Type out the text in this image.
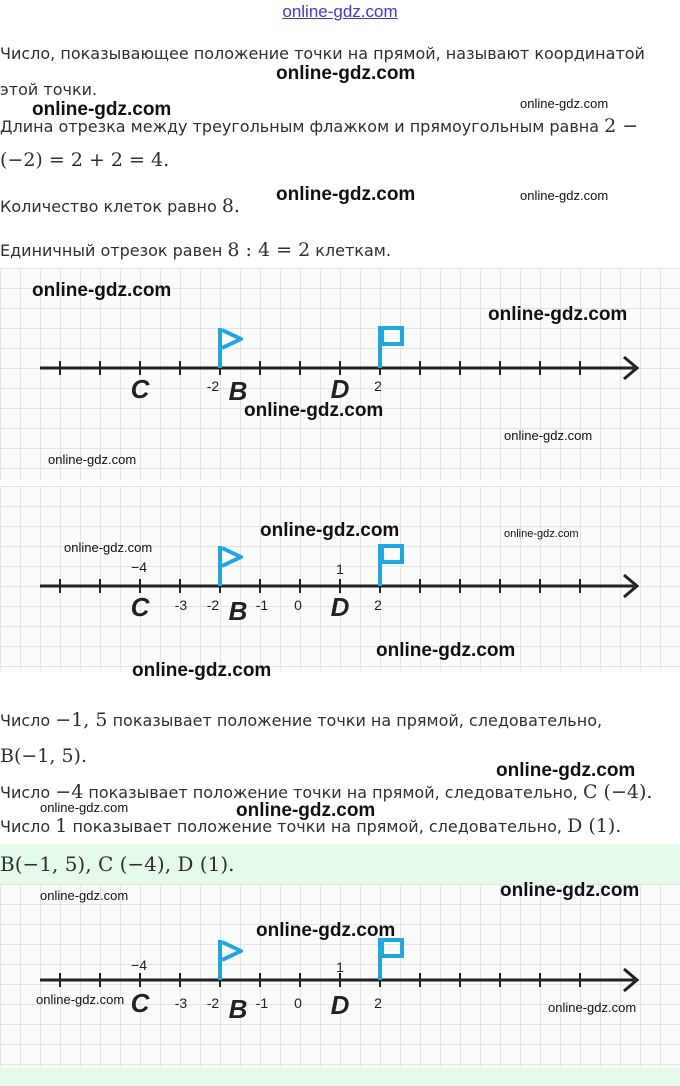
online-gdz.com
Число, показывающее положение точки на прямой, называют координатой
этой точки.
Длина отрезка между треугольным флажком и прямоугольным равна 2 −
(−2) = 2 + 2 = 4.
Количество клеток равно 8.
Единичный отрезок равен 8 : 4 = 2 клеткам.
-2	2
C	B	D
−4	1
-3 -2	-1 0	2
C	B	D
Число −1, 5 показывает положение точки на прямой, следовательно,
B(−1, 5).
Число −4 показывает положение точки на прямой, следовательно, C (−4).
Число 1 показывает положение точки на прямой, следовательно, D (1).
B(−1, 5), C (−4), D (1).
−4	1
-3 -2	-1 0	2
C	B	D
online-gdz.com
online-gdz.com	online-gdz.com
online-gdz.com	online-gdz.com
online-gdz.com
online-gdz.com
online-gdz.com
online-gdz.com
online-gdz.com
online-gdz.com
online-gdz.com
online-gdz.com
online-gdz.com
online-gdz.com
online-gdz.com
online-gdz.com	online-gdz.com
online-gdz.com
online-gdz.com
online-gdz.com
online-gdz.com
online-gdz.com
